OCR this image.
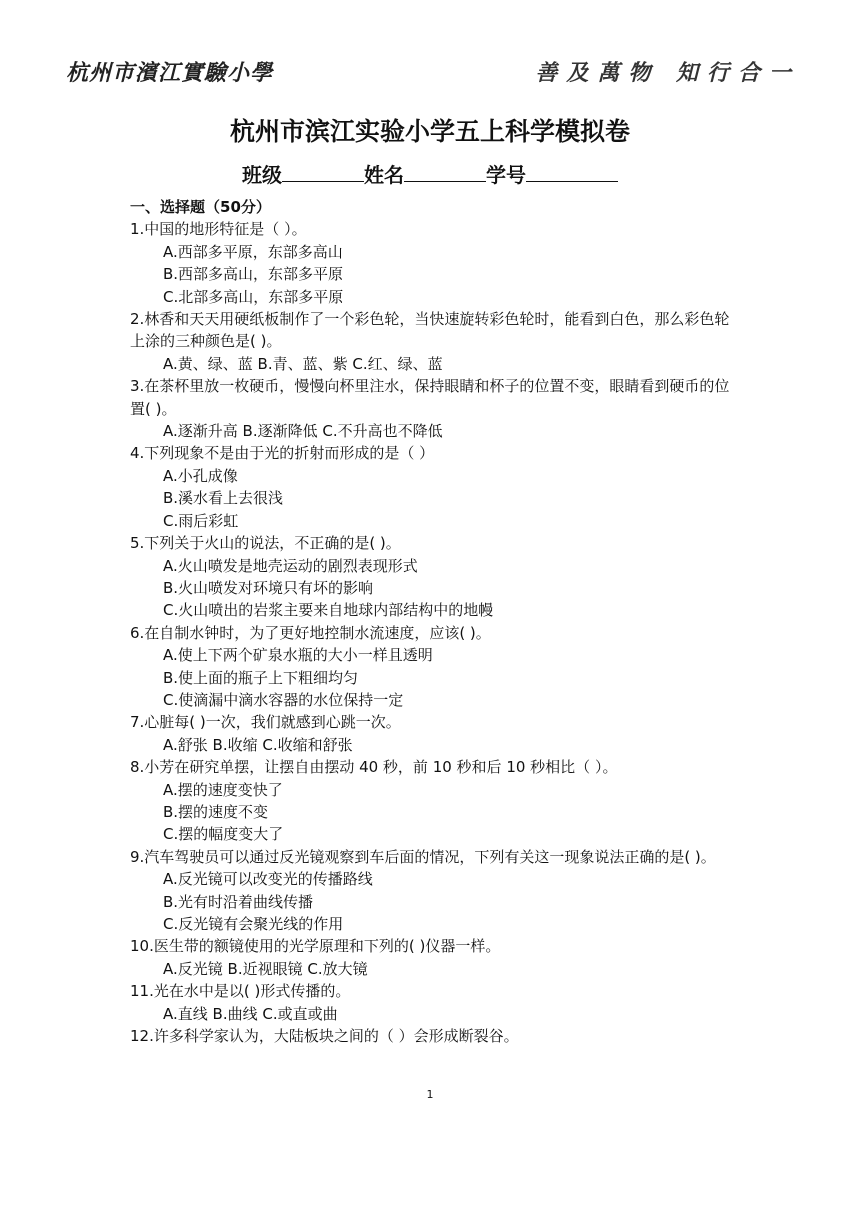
杭州市濱江實驗小學	善及萬物 知行合一
杭州市滨江实验小学五上科学模拟卷
班级	姓名	学号
一、选择题（50分）

1.中国的地形特征是（ ）。

A.西部多平原，东部多高山

B.西部多高山，东部多平原

C.北部多高山，东部多平原

2.林香和天天用硬纸板制作了一个彩色轮，当快速旋转彩色轮时，能看到白色，那么彩色轮上涂的三种颜色是( )。

A.黄、绿、蓝 B.青、蓝、紫 C.红、绿、蓝

3.在茶杯里放一枚硬币，慢慢向杯里注水，保持眼睛和杯子的位置不变，眼睛看到硬币的位置( )。

A.逐渐升高 B.逐渐降低 C.不升高也不降低

4.下列现象不是由于光的折射而形成的是（ ）

A.小孔成像

B.溪水看上去很浅

C.雨后彩虹

5.下列关于火山的说法，不正确的是( )。

A.火山喷发是地壳运动的剧烈表现形式

B.火山喷发对环境只有坏的影响

C.火山喷出的岩浆主要来自地球内部结构中的地幔

6.在自制水钟时，为了更好地控制水流速度，应该( )。

A.使上下两个矿泉水瓶的大小一样且透明

B.使上面的瓶子上下粗细均匀

C.使滴漏中滴水容器的水位保持一定

7.心脏每( )一次，我们就感到心跳一次。

A.舒张 B.收缩 C.收缩和舒张

8.小芳在研究单摆，让摆自由摆动 40 秒，前 10 秒和后 10 秒相比（ ）。

A.摆的速度变快了

B.摆的速度不变

C.摆的幅度变大了

9.汽车驾驶员可以通过反光镜观察到车后面的情况，下列有关这一现象说法正确的是( )。

A.反光镜可以改变光的传播路线

B.光有时沿着曲线传播

C.反光镜有会聚光线的作用

10.医生带的额镜使用的光学原理和下列的( )仪器一样。

A.反光镜 B.近视眼镜 C.放大镜

11.光在水中是以( )形式传播的。

A.直线 B.曲线 C.或直或曲

12.许多科学家认为，大陆板块之间的（ ）会形成断裂谷。

1
